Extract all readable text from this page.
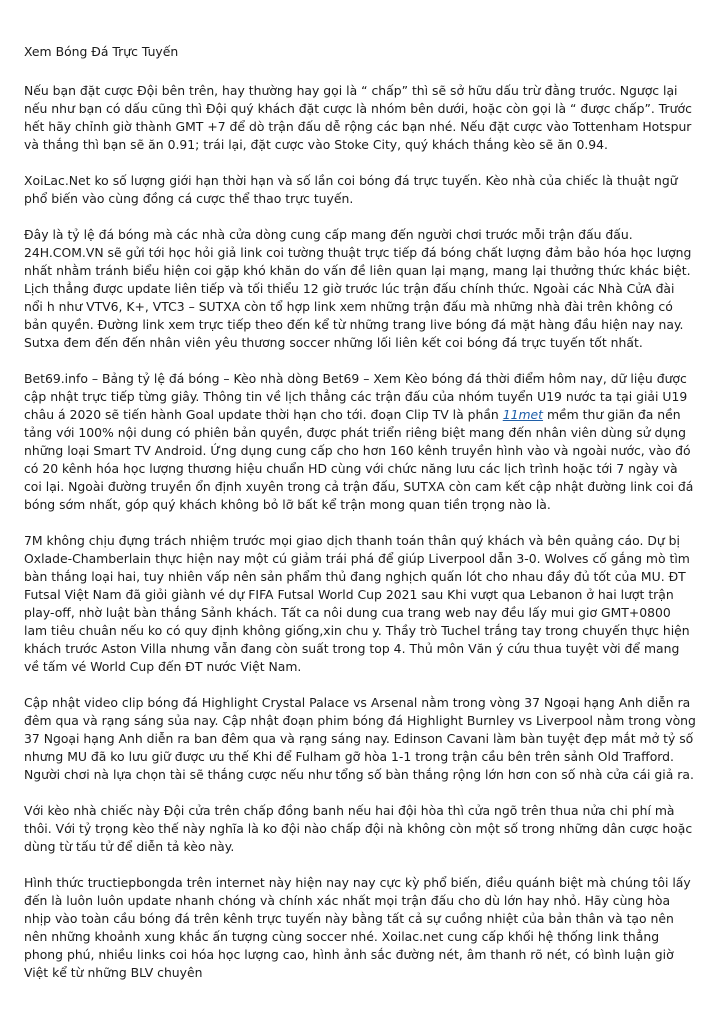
Xem Bóng Đá Trực Tuyến

Nếu bạn đặt cược Đội bên trên, hay thường hay gọi là “ chấp” thì sẽ sở hữu dấu trừ đằng trước. Ngược lại nếu như bạn có dấu cũng thì Đội quý khách đặt cược là nhóm bên dưới, hoặc còn gọi là “ được chấp”. Trước hết hãy chỉnh giờ thành GMT +7 để dò trận đấu dễ rộng các bạn nhé. Nếu đặt cược vào Tottenham Hotspur và thắng thì bạn sẽ ăn 0.91; trái lại, đặt cược vào Stoke City, quý khách thắng kèo sẽ ăn 0.94.

XoiLac.Net ko số lượng giới hạn thời hạn và số lần coi bóng đá trực tuyến. Kèo nhà của chiếc là thuật ngữ phổ biến vào cùng đồng cá cược thể thao trực tuyến.

Đây là tỷ lệ đá bóng mà các nhà cửa dòng cung cấp mang đến người chơi trước mỗi trận đấu đấu. 24H.COM.VN sẽ gửi tới học hỏi giả link coi tường thuật trực tiếp đá bóng chất lượng đảm bảo hóa học lượng nhất nhằm tránh biểu hiện coi gặp khó khăn do vấn đề liên quan lại mạng, mang lại thưởng thức khác biệt. Lịch thẳng được update liên tiếp và tối thiểu 12 giờ trước lúc trận đấu chính thức. Ngoài các Nhà CửA đài nổi h như VTV6, K+, VTC3 – SUTXA còn tổ hợp link xem những trận đấu mà những nhà đài trên không có bản quyền. Đường link xem trực tiếp theo đến kể từ những trang live bóng đá mặt hàng đầu hiện nay nay. Sutxa đem đến đến nhân viên yêu thương soccer những lối liên kết coi bóng đá trực tuyến tốt nhất.

Bet69.info – Bảng tỷ lệ đá bóng – Kèo nhà dòng Bet69 – Xem Kèo bóng đá thời điểm hôm nay, dữ liệu được cập nhật trực tiếp từng giây. Thông tin về lịch thẳng các trận đấu của nhóm tuyển U19 nước ta tại giải U19 châu á 2020 sẽ tiến hành Goal update thời hạn cho tới. đoạn Clip TV là phần 11met mềm thư giãn đa nền tảng với 100% nội dung có phiên bản quyền, được phát triển riêng biệt mang đến nhân viên dùng sử dụng những loại Smart TV Android. Ứng dụng cung cấp cho hơn 160 kênh truyền hình vào và ngoài nước, vào đó có 20 kênh hóa học lượng thương hiệu chuẩn HD cùng với chức năng lưu các lịch trình hoặc tới 7 ngày và coi lại. Ngoài đường truyền ổn định xuyên trong cả trận đấu, SUTXA còn cam kết cập nhật đường link coi đá bóng sớm nhất, góp quý khách không bỏ lỡ bất kể trận mong quan tiền trọng nào là.

7M không chịu đựng trách nhiệm trước mọi giao dịch thanh toán thân quý khách và bên quảng cáo. Dự bị Oxlade-Chamberlain thực hiện nay một cú giảm trái phá để giúp Liverpool dẫn 3-0. Wolves cố gắng mò tìm bàn thắng loại hai, tuy nhiên vấp nên sản phẩm thủ đang nghịch quấn lót cho nhau đầy đủ tốt của MU. ĐT Futsal Việt Nam đã giỏi giành vé dự FIFA Futsal World Cup 2021 sau Khi vượt qua Lebanon ở hai lượt trận play-off, nhờ luật bàn thắng Sảnh khách. Tấ‌t ca‌ nô‌i dung cu‌a trang web na‌y đề‌u lấ‌y mu‌i giơ‌ GMT+0800 la‌m tiêu chuâ‌n nếu ko có quy định không giống,xin chu‌ y‌. Thầy trò Tuchel trắng tay trong chuyến thực hiện khách trước Aston Villa nhưng vẫn đang còn suất trong top 4. Thủ môn Văn ý cứu thua tuyệt vời để mang về tấm vé World Cup đến ĐT nước Việt Nam.

Cập nhật video clip bóng đá Highlight Crystal Palace vs Arsenal nằm trong vòng 37 Ngoại hạng Anh diễn ra đêm qua và rạng sáng sủa nay. Cập nhật đoạn phim bóng đá Highlight Burnley vs Liverpool nằm trong vòng 37 Ngoại hạng Anh diễn ra ban đêm qua và rạng sáng nay. Edinson Cavani làm bàn tuyệt đẹp mắt mở tỷ số nhưng MU đã ko lưu giữ được ưu thế Khi để Fulham gỡ hòa 1-1 trong trận cầu bên trên sảnh Old Trafford. Người chơi nà lựa chọn tài sẽ thắng cược nếu như tổng số bàn thắng rộng lớn hơn con số nhà cửa cái giả ra.

Với kèo nhà chiếc này Đội cửa trên chấp đồng banh nếu hai đội hòa thì cửa ngõ trên thua nửa chi phí mà thôi. Với tỷ trọng kèo thế này nghĩa là ko đội nào chấp đội nà không còn một số trong những dân cược hoặc dùng từ tấu tử để diễn tả kèo này.

Hình thức tructiepbongda trên internet này hiện nay nay cực kỳ phổ biến, điều quánh biệt mà chúng tôi lấ‌y đến là luôn luôn update nhanh chóng và chính xác nhất mọi trận đấu cho dù lớn hay nhỏ. Hãy cùng hòa nhịp vào toàn cầu bóng đá trên kênh trực tuyến này bằng tất cả sự cuồng nhiệt của bản thân và tạo nên nên những khoảnh xung khắc ấn tượng cùng soccer nhé. Xoilac.net cung cấp khối hệ thống link thẳng phong phú, nhiều links coi hóa học lượng cao, hình ảnh sắc đường nét, âm thanh rõ nét, có bình luận giờ Việt kể từ những BLV chuyên
